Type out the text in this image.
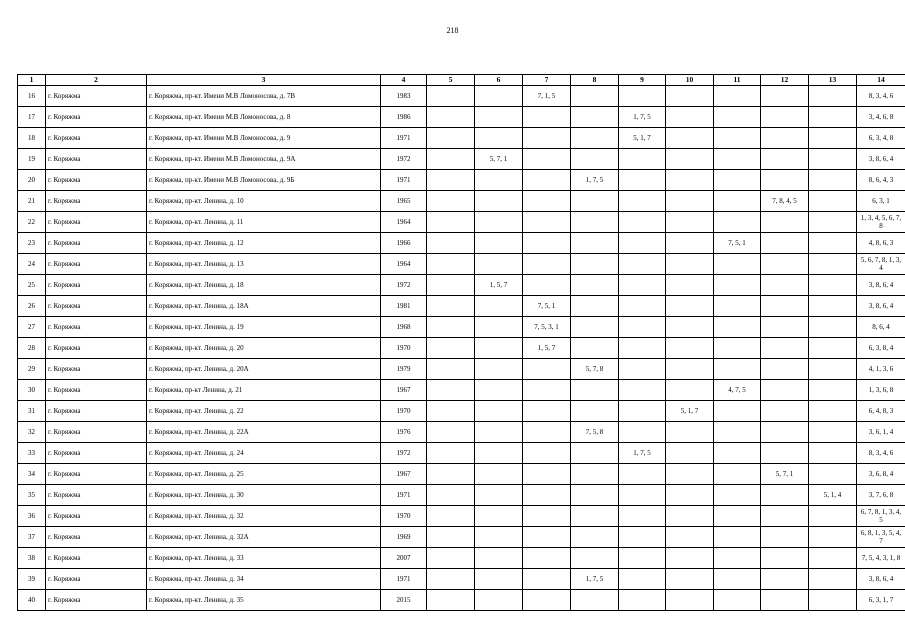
218
1	2	3	4	5	6	7	8	9	10	11	12	13	14
16	г. Коряжма	г. Коряжма, пр-кт. Имени М.В Ломоносова, д. 7В	1983			7, 1, 5							8, 3, 4, 6
17	г. Коряжма	г. Коряжма, пр-кт. Имени М.В Ломоносова, д. 8	1986					1, 7, 5					3, 4, 6, 8
18	г. Коряжма	г. Коряжма, пр-кт. Имени М.В Ломоносова, д. 9	1971					5, 1, 7					6, 3, 4, 8
19	г. Коряжма	г. Коряжма, пр-кт. Имени М.В Ломоносова, д. 9А	1972		5, 7, 1								3, 8, 6, 4
20	г. Коряжма	г. Коряжма, пр-кт. Имени М.В Ломоносова, д. 9Б	1971				1, 7, 5						8, 6, 4, 3
21	г. Коряжма	г. Коряжма, пр-кт. Ленина, д. 10	1965								7, 8, 4, 5		6, 3, 1
22	г. Коряжма	г. Коряжма, пр-кт. Ленина, д. 11	1964										1, 3, 4, 5, 6, 7, 8
23	г. Коряжма	г. Коряжма, пр-кт. Ленина, д. 12	1966							7, 5, 1			4, 8, 6, 3
24	г. Коряжма	г. Коряжма, пр-кт. Ленина, д. 13	1964										5, 6, 7, 8, 1, 3, 4
25	г. Коряжма	г. Коряжма, пр-кт. Ленина, д. 18	1972		1, 5, 7								3, 8, 6, 4
26	г. Коряжма	г. Коряжма, пр-кт. Ленина, д. 18А	1981			7, 5, 1							3, 8, 6, 4
27	г. Коряжма	г. Коряжма, пр-кт. Ленина, д. 19	1968			7, 5, 3, 1							8, 6, 4
28	г. Коряжма	г. Коряжма, пр-кт. Ленина, д. 20	1970			1, 5, 7							6, 3, 8, 4
29	г. Коряжма	г. Коряжма, пр-кт. Ленина, д. 20А	1979				5, 7, 8						4, 1, 3, 6
30	г. Коряжма	г. Коряжма, пр-кт Ленина, д. 21	1967							4, 7, 5			1, 3, 6, 8
31	г. Коряжма	г. Коряжма, пр-кт. Ленина, д. 22	1970						5, 1, 7				6, 4, 8, 3
32	г. Коряжма	г. Коряжма, пр-кт. Ленина, д. 22А	1976				7, 5, 8						3, 6, 1, 4
33	г. Коряжма	г. Коряжма, пр-кт. Ленина, д. 24	1972					1, 7, 5					8, 3, 4, 6
34	г. Коряжма	г. Коряжма, пр-кт. Ленина, д. 25	1967								5, 7, 1		3, 6, 8, 4
35	г. Коряжма	г. Коряжма, пр-кт. Ленина, д. 30	1971									5, 1, 4	3, 7, 6, 8
36	г. Коряжма	г. Коряжма, пр-кт. Ленина, д. 32	1970										6, 7, 8, 1, 3, 4, 5
37	г. Коряжма	г. Коряжма, пр-кт. Ленина, д. 32А	1969										6, 8, 1, 3, 5, 4, 7
38	г. Коряжма	г. Коряжма, пр-кт. Ленина, д. 33	2007										7, 5, 4, 3, 1, 8
39	г. Коряжма	г. Коряжма, пр-кт. Ленина, д. 34	1971				1, 7, 5						3, 8, 6, 4
40	г. Коряжма	г. Коряжма, пр-кт. Ленина, д. 35	2015										6, 3, 1, 7
